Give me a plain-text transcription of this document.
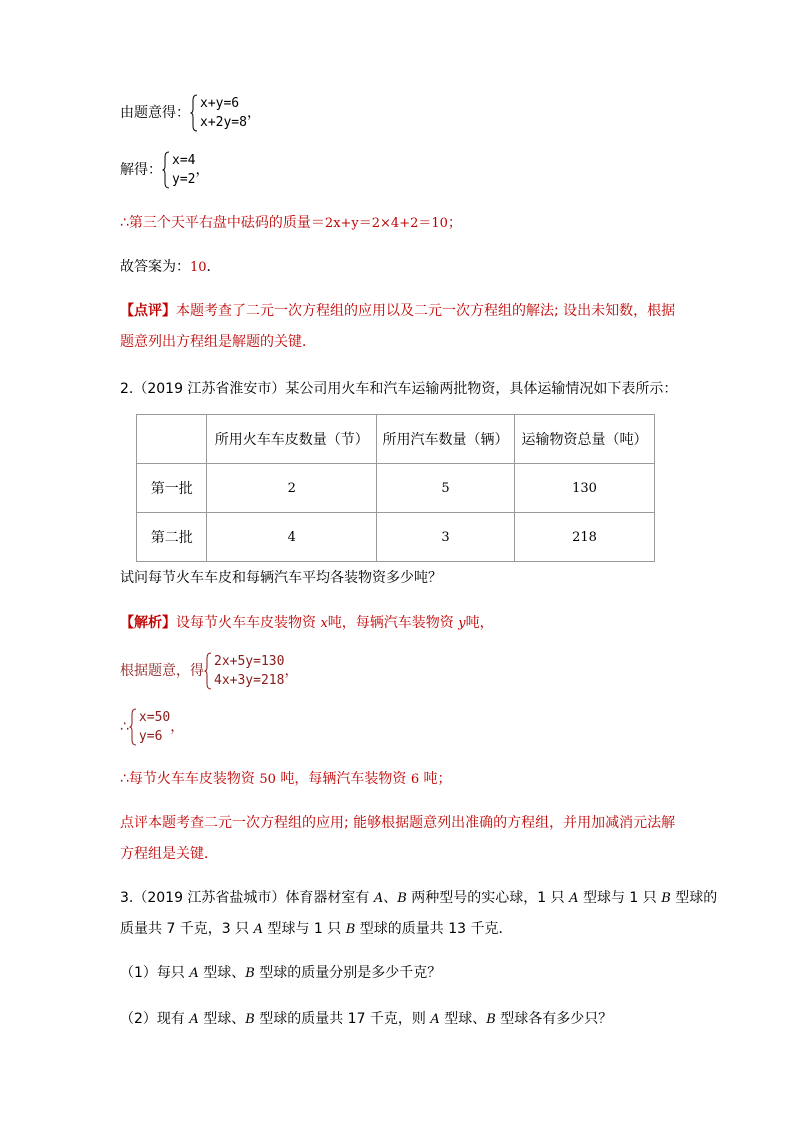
由题意得：
x+y=6
x+2y=8
，
解得：
x=4
y=2
，
∴第三个天平右盘中砝码的质量＝2x+y＝2×4+2＝10；
故答案为：10．
【点评】本题考查了二元一次方程组的应用以及二元一次方程组的解法; 设出未知数，根据
题意列出方程组是解题的关键．
2.（2019 江苏省淮安市）某公司用火车和汽车运输两批物资，具体运输情况如下表所示：
	所用火车车皮数量（节）	所用汽车数量（辆）	运输物资总量（吨）
第一批	2	5	130
第二批	4	3	218
试问每节火车车皮和每辆汽车平均各装物资多少吨？
【解析】设每节火车车皮装物资 x吨，每辆汽车装物资 y吨，
根据题意，得
2x+5y=130
4x+3y=218
，
∴
x=50
y=6
，
∴每节火车车皮装物资 50 吨，每辆汽车装物资 6 吨；
点评本题考查二元一次方程组的应用; 能够根据题意列出准确的方程组，并用加减消元法解
方程组是关键．
3.（2019 江苏省盐城市）体育器材室有 A、B 两种型号的实心球，1 只 A 型球与 1 只 B 型球的
质量共 7 千克，3 只 A 型球与 1 只 B 型球的质量共 13 千克．
（1）每只 A 型球、B 型球的质量分别是多少千克？
（2）现有 A 型球、B 型球的质量共 17 千克，则 A 型球、B 型球各有多少只？
